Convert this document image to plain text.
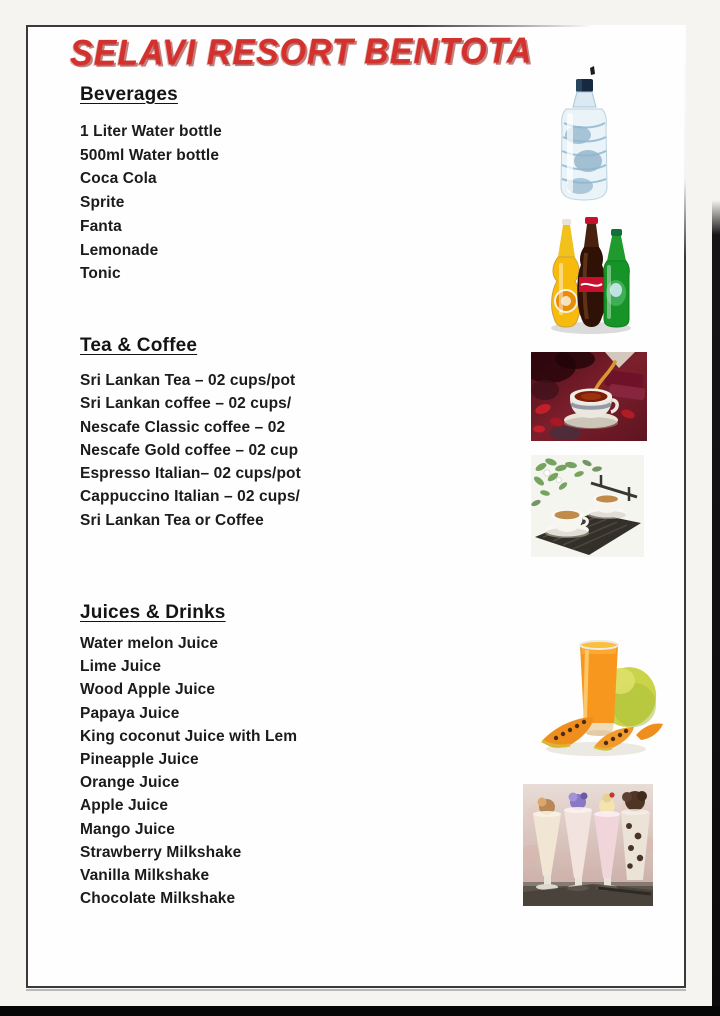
SELAVI RESORT BENTOTA
Beverages
1 Liter Water bottle
500ml Water bottle
Coca Cola
Sprite
Fanta
Lemonade
Tonic
Tea & Coffee
Sri Lankan Tea – 02 cups/pot
Sri Lankan coffee – 02 cups/
Nescafe Classic coffee – 02
Nescafe Gold coffee – 02 cup
Espresso Italian– 02 cups/pot
Cappuccino Italian – 02 cups/
Sri Lankan Tea or Coffee
Juices & Drinks
Water melon Juice
Lime Juice
Wood Apple Juice
Papaya Juice
King coconut Juice with Lem
Pineapple Juice
Orange Juice
Apple Juice
Mango Juice
Strawberry Milkshake
Vanilla Milkshake
Chocolate Milkshake
